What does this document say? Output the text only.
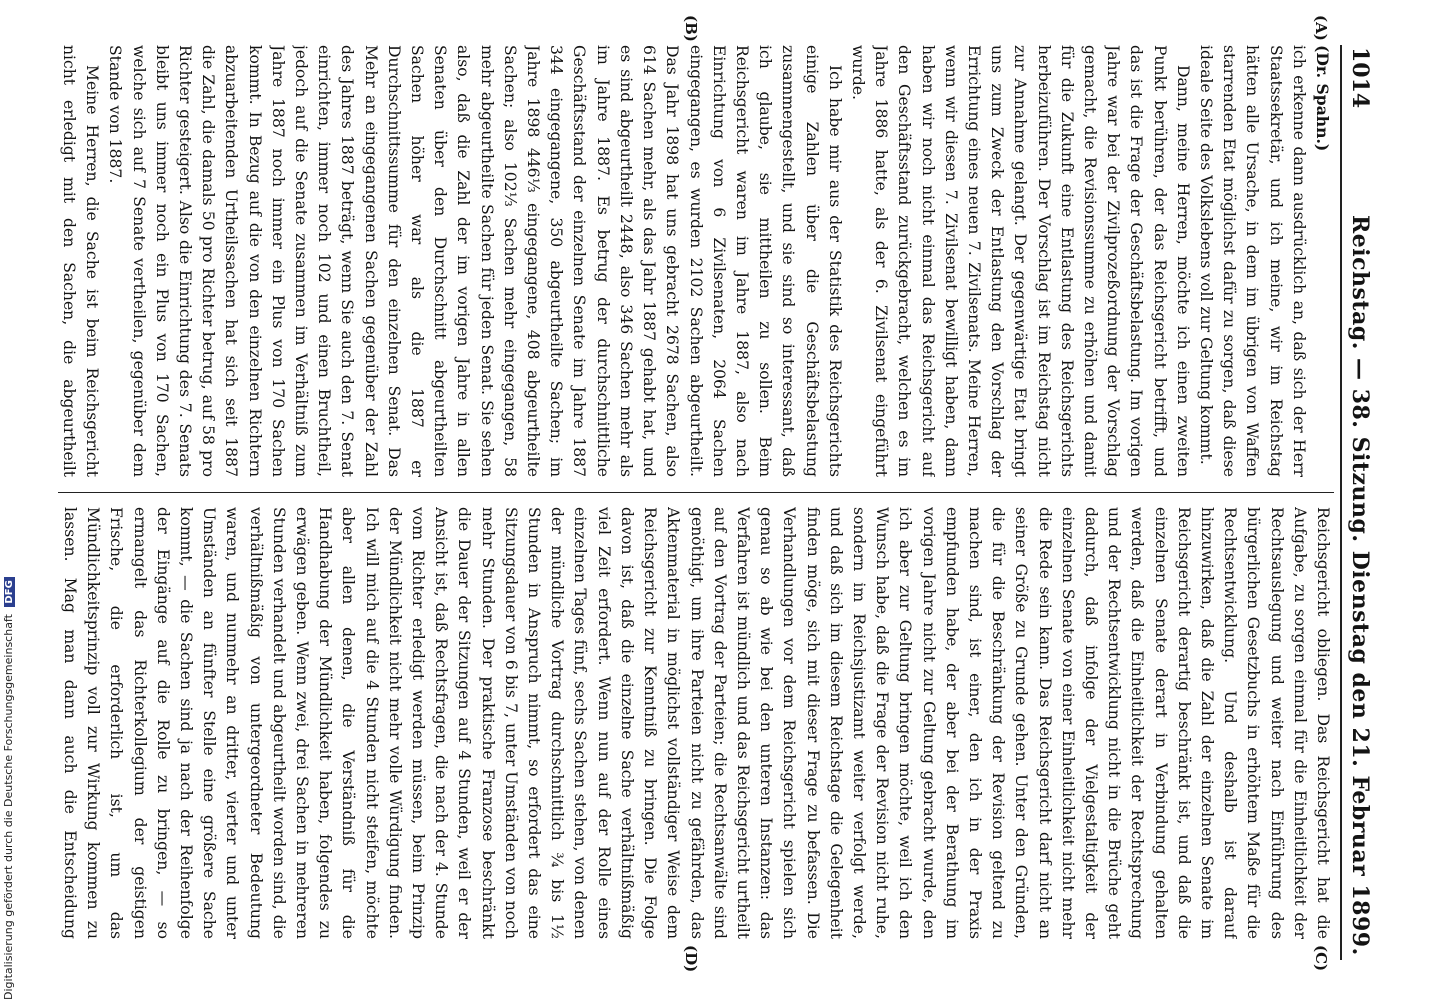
1014
Reichstag. — 38. Sitzung. Dienstag den 21. Februar 1899.
(A)
(B)
(C)
(D)

(Dr. Spahn.)

ich erkenne dann ausdrücklich an, daß sich der Herr Staatssekretär, und ich meine, wir im Reichstag hätten alle Ursache, in dem im übrigen von Waffen starrenden Etat möglichst dafür zu sorgen, daß diese ideale Seite des Volkslebens voll zur Geltung kommt.

Dann, meine Herren, möchte ich einen zweiten Punkt berühren, der das Reichsgericht betrifft, und das ist die Frage der Geschäftsbelastung. Im vorigen Jahre war bei der Zivilprozeßordnung der Vorschlag gemacht, die Revisionssumme zu erhöhen und damit für die Zukunft eine Entlastung des Reichsgerichts herbeizuführen. Der Vorschlag ist im Reichstag nicht zur Annahme gelangt. Der gegenwärtige Etat bringt uns zum Zweck der Entlastung den Vorschlag der Errichtung eines neuen 7. Zivilsenats. Meine Herren, wenn wir diesen 7. Zivilsenat bewilligt haben, dann haben wir noch nicht einmal das Reichsgericht auf den Geschäftsstand zurückgebracht, welchen es im Jahre 1886 hatte, als der 6. Zivilsenat eingeführt wurde.

Ich habe mir aus der Statistik des Reichsgerichts einige Zahlen über die Geschäftsbelastung zusammengestellt, und sie sind so interessant, daß ich glaube, sie mittheilen zu sollen. Beim Reichsgericht waren im Jahre 1887, also nach Einrichtung von 6 Zivilsenaten, 2064 Sachen eingegangen, es wurden 2102 Sachen abgeurtheilt. Das Jahr 1898 hat uns gebracht 2678 Sachen, also 614 Sachen mehr, als das Jahr 1887 gehabt hat, und es sind abgeurtheilt 2448, also 346 Sachen mehr als im Jahre 1887. Es betrug der durchschnittliche Geschäftsstand der einzelnen Senate im Jahre 1887 344 eingegangene, 350 abgeurtheilte Sachen; im Jahre 1898 446⅓ eingegangene, 408 abgeurtheilte Sachen; also 102⅓ Sachen mehr eingegangen, 58 mehr abgeurtheilte Sachen für jeden Senat. Sie sehen also, daß die Zahl der im vorigen Jahre in allen Senaten über den Durchschnitt abgeurtheilten Sachen höher war als die 1887 er Durchschnittssumme für den einzelnen Senat. Das Mehr an eingegangenen Sachen gegenüber der Zahl des Jahres 1887 beträgt, wenn Sie auch den 7. Senat einrichten, immer noch 102 und einen Bruchtheil, jedoch auf die Senate zusammen im Verhältniß zum Jahre 1887 noch immer ein Plus von 170 Sachen kommt. In Bezug auf die von den einzelnen Richtern abzuarbeitenden Urtheilssachen hat sich seit 1887 die Zahl, die damals 50 pro Richter betrug, auf 58 pro Richter gesteigert. Also die Einrichtung des 7. Senats bleibt uns immer noch ein Plus von 170 Sachen, welche sich auf 7 Senate vertheilen, gegenüber dem Stande von 1887.

Meine Herren, die Sache ist beim Reichsgericht nicht erledigt mit den Sachen, die abgeurtheilt

Reichsgericht obliegen. Das Reichsgericht hat die Aufgabe, zu sorgen einmal für die Einheitlichkeit der Rechtsauslegung und weiter nach Einführung des bürgerlichen Gesetzbuchs in erhöhtem Maße für die Rechtsentwicklung. Und deshalb ist darauf hinzuwirken, daß die Zahl der einzelnen Senate im Reichsgericht derartig beschränkt ist, und daß die einzelnen Senate derart in Verbindung gehalten werden, daß die Einheitlichkeit der Rechtsprechung und der Rechtsentwicklung nicht in die Brüche geht dadurch, daß infolge der Vielgestaltigkeit der einzelnen Senate von einer Einheitlichkeit nicht mehr die Rede sein kann. Das Reichsgericht darf nicht an seiner Größe zu Grunde gehen. Unter den Gründen, die für die Beschränkung der Revision geltend zu machen sind, ist einer, den ich in der Praxis empfunden habe, der aber bei der Berathung im vorigen Jahre nicht zur Geltung gebracht wurde, den ich aber zur Geltung bringen möchte, weil ich den Wunsch habe, daß die Frage der Revision nicht ruhe, sondern im Reichsjustizamt weiter verfolgt werde, und daß sich im diesem Reichstage die Gelegenheit finden möge, sich mit dieser Frage zu befassen. Die Verhandlungen vor dem Reichsgericht spielen sich genau so ab wie bei den unteren Instanzen: das Verfahren ist mündlich und das Reichsgericht urtheilt auf den Vortrag der Parteien; die Rechtsanwälte sind genöthigt, um ihre Parteien nicht zu gefährden, das Aktenmaterial in möglichst vollständiger Weise dem Reichsgericht zur Kenntniß zu bringen. Die Folge davon ist, daß die einzelne Sache verhältnißmäßig viel Zeit erfordert. Wenn nun auf der Rolle eines einzelnen Tages fünf, sechs Sachen stehen, von denen der mündliche Vortrag durchschnittlich ¾ bis 1½ Stunden in Anspruch nimmt, so erfordert das eine Sitzungsdauer von 6 bis 7, unter Umständen von noch mehr Stunden. Der praktische Franzose beschränkt die Dauer der Sitzungen auf 4 Stunden, weil er der Ansicht ist, daß Rechtsfragen, die nach der 4. Stunde vom Richter erledigt werden müssen, beim Prinzip der Mündlichkeit nicht mehr volle Würdigung finden. Ich will mich auf die 4 Stunden nicht steifen, möchte aber allen denen, die Verständniß für die Handhabung der Mündlichkeit haben, folgendes zu erwägen geben. Wenn zwei, drei Sachen in mehreren Stunden verhandelt und abgeurtheilt worden sind, die verhältnißmäßig von untergeordneter Bedeutung waren, und nunmehr an dritter, vierter und unter Umständen an fünfter Stelle eine größere Sache kommt, — die Sachen sind ja nach der Reihenfolge der Eingänge auf die Rolle zu bringen, — so ermangelt das Richterkollegium der geistigen Frische, die erforderlich ist, um das Mündlichkeitsprinzip voll zur Wirkung kommen zu lassen. Mag man dann auch die Entscheidung

Digitalisierung gefördert durch die Deutsche Forschungsgemeinschaft DFG
